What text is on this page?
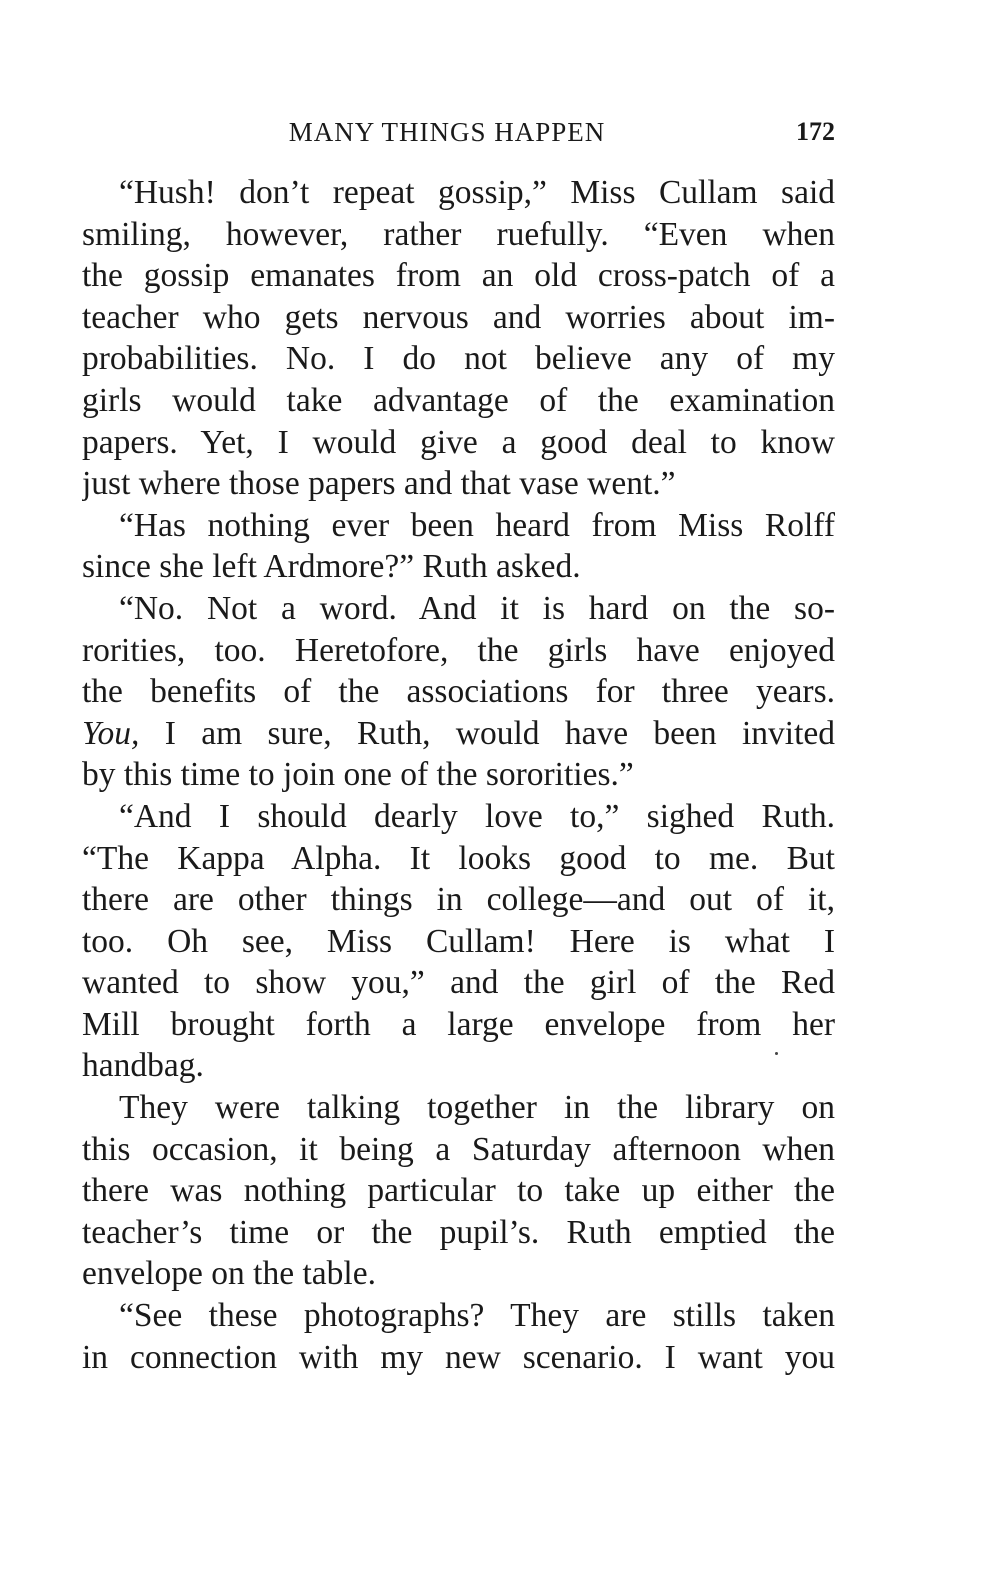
MANY THINGS HAPPEN	172
“Hush! don’t repeat gossip,” Miss Cullam said
smiling, however, rather ruefully. “Even when
the gossip emanates from an old cross-patch of a
teacher who gets nervous and worries about im-
probabilities. No. I do not believe any of my
girls would take advantage of the examination
papers. Yet, I would give a good deal to know
just where those papers and that vase went.”
“Has nothing ever been heard from Miss Rolff
since she left Ardmore?” Ruth asked.
“No. Not a word. And it is hard on the so-
rorities, too. Heretofore, the girls have enjoyed
the benefits of the associations for three years.
You, I am sure, Ruth, would have been invited
by this time to join one of the sororities.”
“And I should dearly love to,” sighed Ruth.
“The Kappa Alpha. It looks good to me. But
there are other things in college—and out of it,
too. Oh see, Miss Cullam! Here is what I
wanted to show you,” and the girl of the Red
Mill brought forth a large envelope from her
handbag.
They were talking together in the library on
this occasion, it being a Saturday afternoon when
there was nothing particular to take up either the
teacher’s time or the pupil’s. Ruth emptied the
envelope on the table.
“See these photographs? They are stills taken
in connection with my new scenario. I want you
